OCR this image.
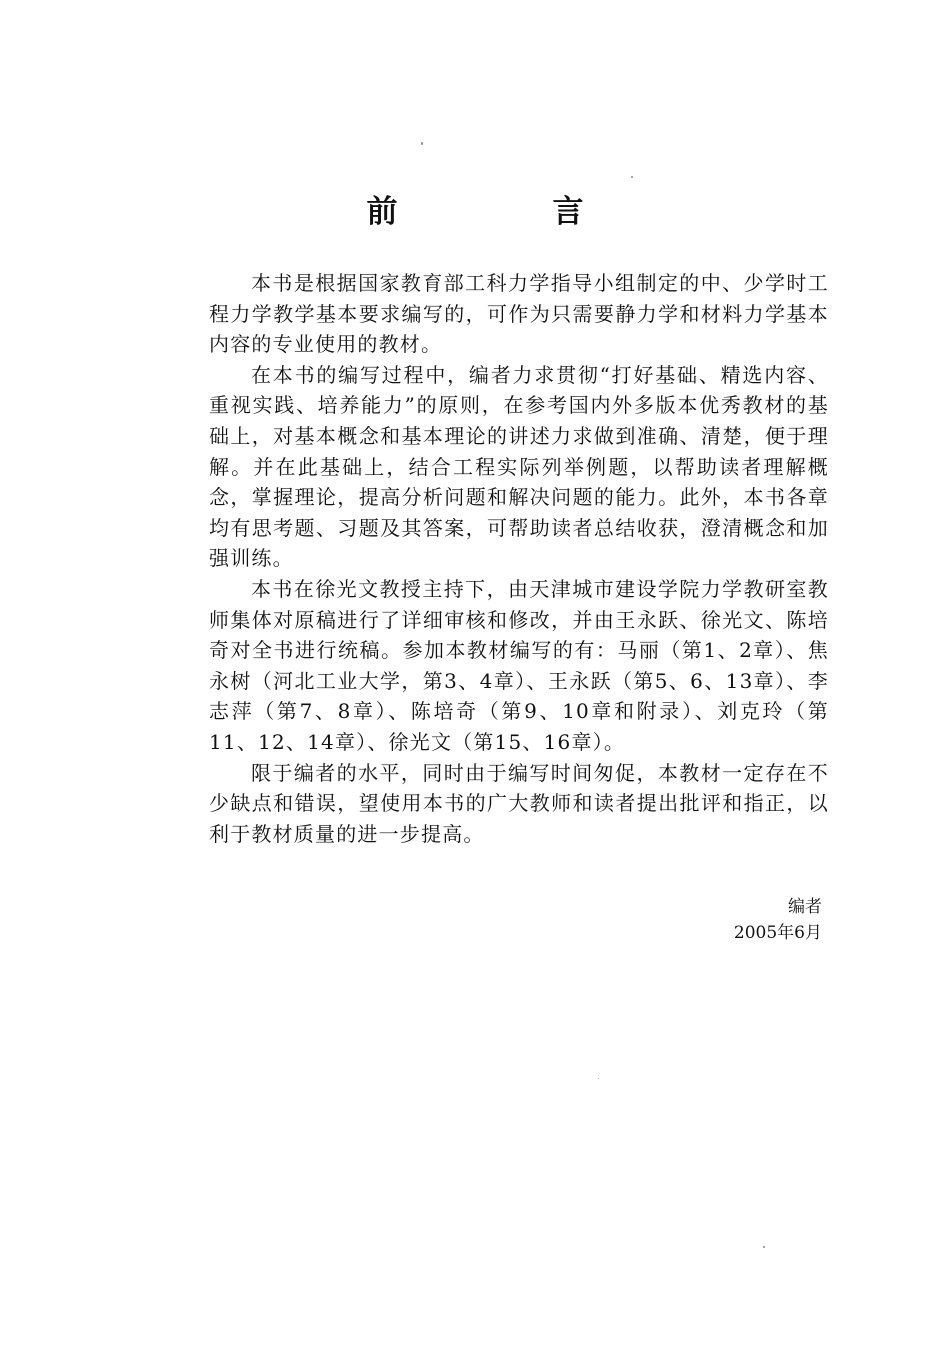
前　言

本书是根据国家教育部工科力学指导小组制定的中、少学时工程力学教学基本要求编写的，可作为只需要静力学和材料力学基本内容的专业使用的教材。

在本书的编写过程中，编者力求贯彻“打好基础、精选内容、重视实践、培养能力”的原则，在参考国内外多版本优秀教材的基础上，对基本概念和基本理论的讲述力求做到准确、清楚，便于理解。并在此基础上，结合工程实际列举例题，以帮助读者理解概念，掌握理论，提高分析问题和解决问题的能力。此外，本书各章均有思考题、习题及其答案，可帮助读者总结收获，澄清概念和加强训练。

本书在徐光文教授主持下，由天津城市建设学院力学教研室教师集体对原稿进行了详细审核和修改，并由王永跃、徐光文、陈培奇对全书进行统稿。参加本教材编写的有：马丽（第1、2章）、焦永树（河北工业大学，第3、4章）、王永跃（第5、6、13章）、李志萍（第7、8章）、陈培奇（第9、10章和附录）、刘克玲（第11、12、14章）、徐光文（第15、16章）。

限于编者的水平，同时由于编写时间匆促，本教材一定存在不少缺点和错误，望使用本书的广大教师和读者提出批评和指正，以利于教材质量的进一步提高。

编者
2005年6月
